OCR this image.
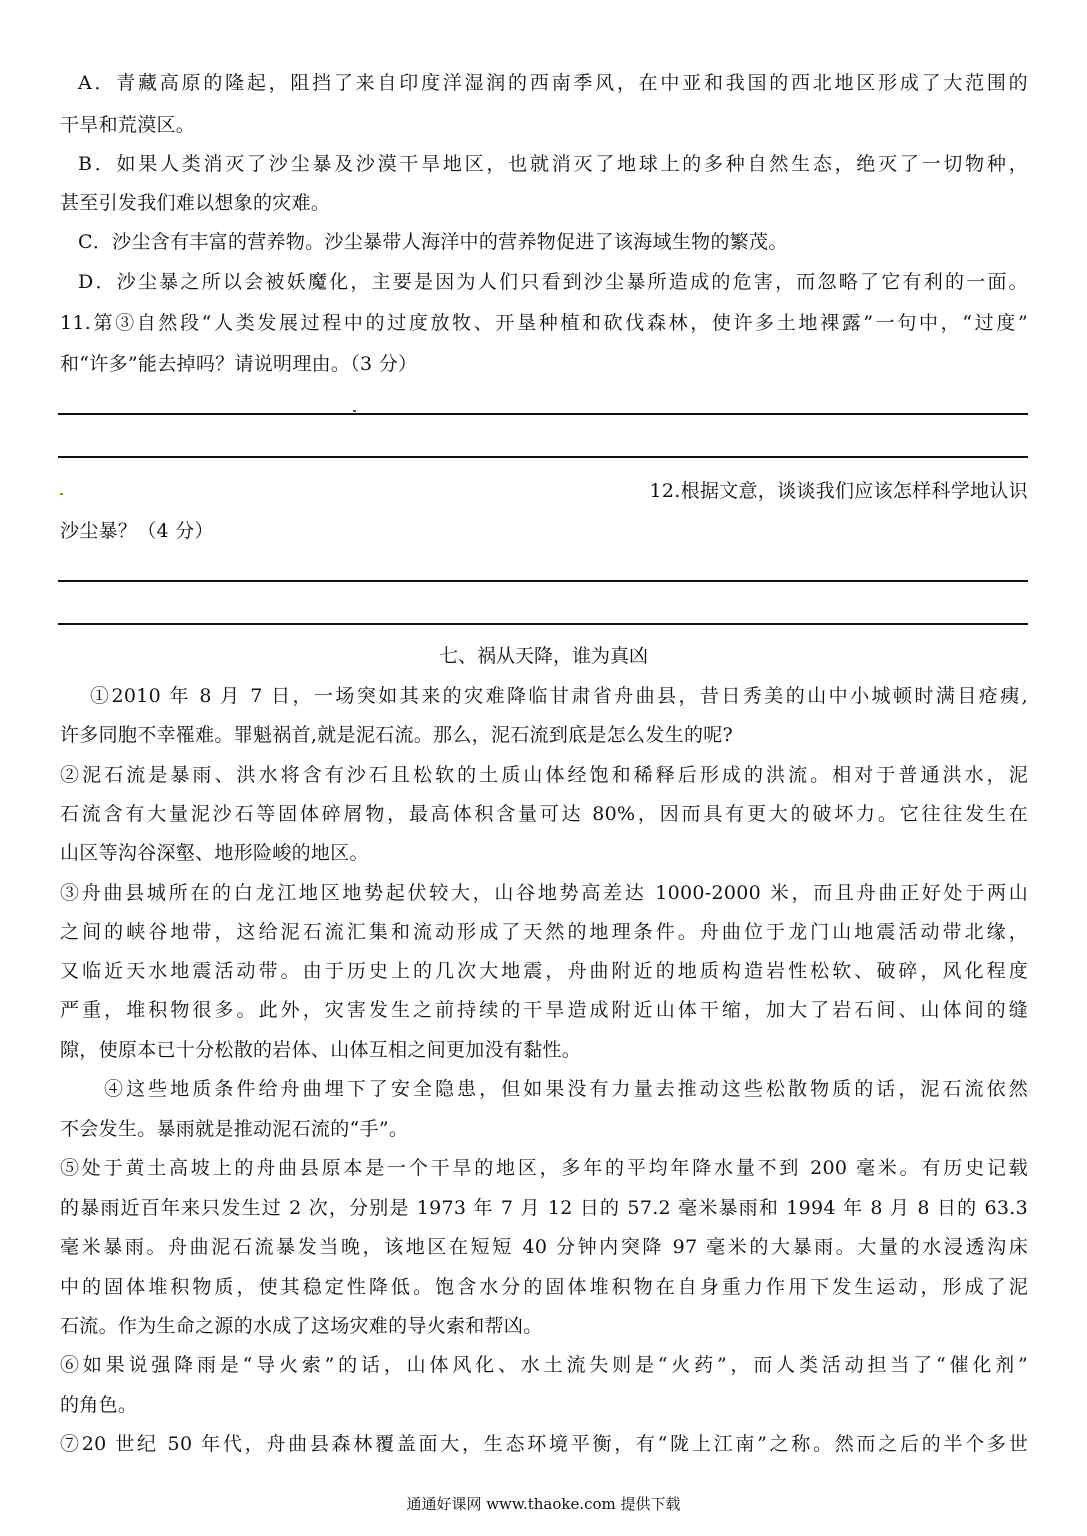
A．青藏高原的隆起，阻挡了来自印度洋湿润的西南季风，在中亚和我国的西北地区形成了大范围的
干旱和荒漠区。
B．如果人类消灭了沙尘暴及沙漠干旱地区，也就消灭了地球上的多种自然生态，绝灭了一切物种，
甚至引发我们难以想象的灾难。
C．沙尘含有丰富的营养物。沙尘暴带人海洋中的营养物促进了该海域生物的繁茂。
D．沙尘暴之所以会被妖魔化，主要是因为人们只看到沙尘暴所造成的危害，而忽略了它有利的一面。
11.第③自然段“人类发展过程中的过度放牧、开垦种植和砍伐森林，使许多土地裸露”一句中，“过度”
和“许多”能去掉吗？请说明理由。（3 分）
12.根据文意，谈谈我们应该怎样科学地认识
沙尘暴？（4 分）
七、祸从天降，谁为真凶
①2010 年 8 月 7 日，一场突如其来的灾难降临甘肃省舟曲县，昔日秀美的山中小城顿时满目疮痍,
许多同胞不幸罹难。罪魁祸首,就是泥石流。那么，泥石流到底是怎么发生的呢?
②泥石流是暴雨、洪水将含有沙石且松软的土质山体经饱和稀释后形成的洪流。相对于普通洪水，泥
石流含有大量泥沙石等固体碎屑物，最高体积含量可达 80%，因而具有更大的破坏力。它往往发生在
山区等沟谷深壑、地形险峻的地区。
③舟曲县城所在的白龙江地区地势起伏较大，山谷地势高差达 1000-2000 米，而且舟曲正好处于两山
之间的峡谷地带，这给泥石流汇集和流动形成了天然的地理条件。舟曲位于龙门山地震活动带北缘，
又临近天水地震活动带。由于历史上的几次大地震，舟曲附近的地质构造岩性松软、破碎，风化程度
严重，堆积物很多。此外，灾害发生之前持续的干旱造成附近山体干缩，加大了岩石间、山体间的缝
隙，使原本已十分松散的岩体、山体互相之间更加没有黏性。
④这些地质条件给舟曲埋下了安全隐患，但如果没有力量去推动这些松散物质的话，泥石流依然
不会发生。暴雨就是推动泥石流的“手”。
⑤处于黄土高坡上的舟曲县原本是一个干旱的地区，多年的平均年降水量不到 200 毫米。有历史记载
的暴雨近百年来只发生过 2 次，分别是 1973 年 7 月 12 日的 57.2 毫米暴雨和 1994 年 8 月 8 日的 63.3
毫米暴雨。舟曲泥石流暴发当晚，该地区在短短 40 分钟内突降 97 毫米的大暴雨。大量的水浸透沟床
中的固体堆积物质，使其稳定性降低。饱含水分的固体堆积物在自身重力作用下发生运动，形成了泥
石流。作为生命之源的水成了这场灾难的导火索和帮凶。
⑥如果说强降雨是“导火索”的话，山体风化、水土流失则是“火药”，而人类活动担当了“催化剂”
的角色。
⑦20 世纪 50 年代，舟曲县森林覆盖面大，生态环境平衡，有“陇上江南”之称。然而之后的半个多世
通通好课网 www.thaoke.com 提供下载
